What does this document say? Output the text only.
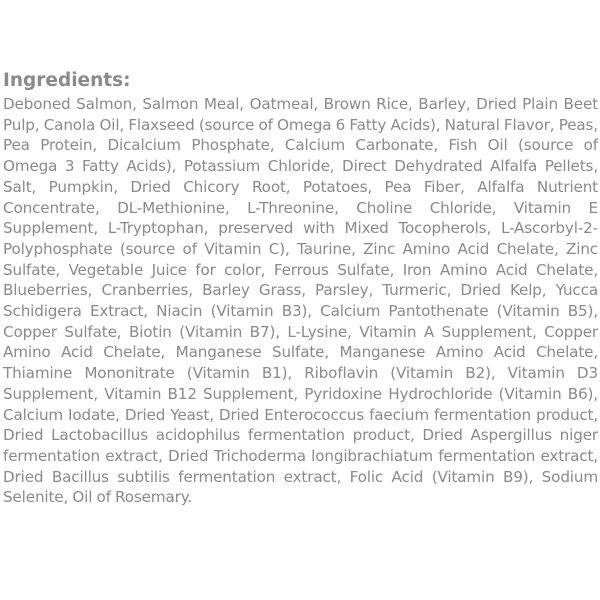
Ingredients:

Deboned Salmon, Salmon Meal, Oatmeal, Brown Rice, Barley, Dried Plain Beet Pulp, Canola Oil, Flaxseed (source of Omega 6 Fatty Acids), Natural Flavor, Peas, Pea Protein, Dicalcium Phosphate, Calcium Carbonate, Fish Oil (source of Omega 3 Fatty Acids), Potassium Chloride, Direct Dehydrated Alfalfa Pellets, Salt, Pumpkin, Dried Chicory Root, Potatoes, Pea Fiber, Alfalfa Nutrient Concentrate, DL-Methionine, L-Threonine, Choline Chloride, Vitamin E Supplement, L-Tryptophan, preserved with Mixed Tocopherols, L-Ascorbyl-2-Polyphosphate (source of Vitamin C), Taurine, Zinc Amino Acid Chelate, Zinc Sulfate, Vegetable Juice for color, Ferrous Sulfate, Iron Amino Acid Chelate, Blueberries, Cranberries, Barley Grass, Parsley, Turmeric, Dried Kelp, Yucca Schidigera Extract, Niacin (Vitamin B3), Calcium Pantothenate (Vitamin B5), Copper Sulfate, Biotin (Vitamin B7), L-Lysine, Vitamin A Supplement, Copper Amino Acid Chelate, Manganese Sulfate, Manganese Amino Acid Chelate, Thiamine Mononitrate (Vitamin B1), Riboflavin (Vitamin B2), Vitamin D3 Supplement, Vitamin B12 Supplement, Pyridoxine Hydrochloride (Vitamin B6), Calcium Iodate, Dried Yeast, Dried Enterococcus faecium fermentation product, Dried Lactobacillus acidophilus fermentation product, Dried Aspergillus niger fermentation extract, Dried Trichoderma longibrachiatum fermentation extract, Dried Bacillus subtilis fermentation extract, Folic Acid (Vitamin B9), Sodium Selenite, Oil of Rosemary.
